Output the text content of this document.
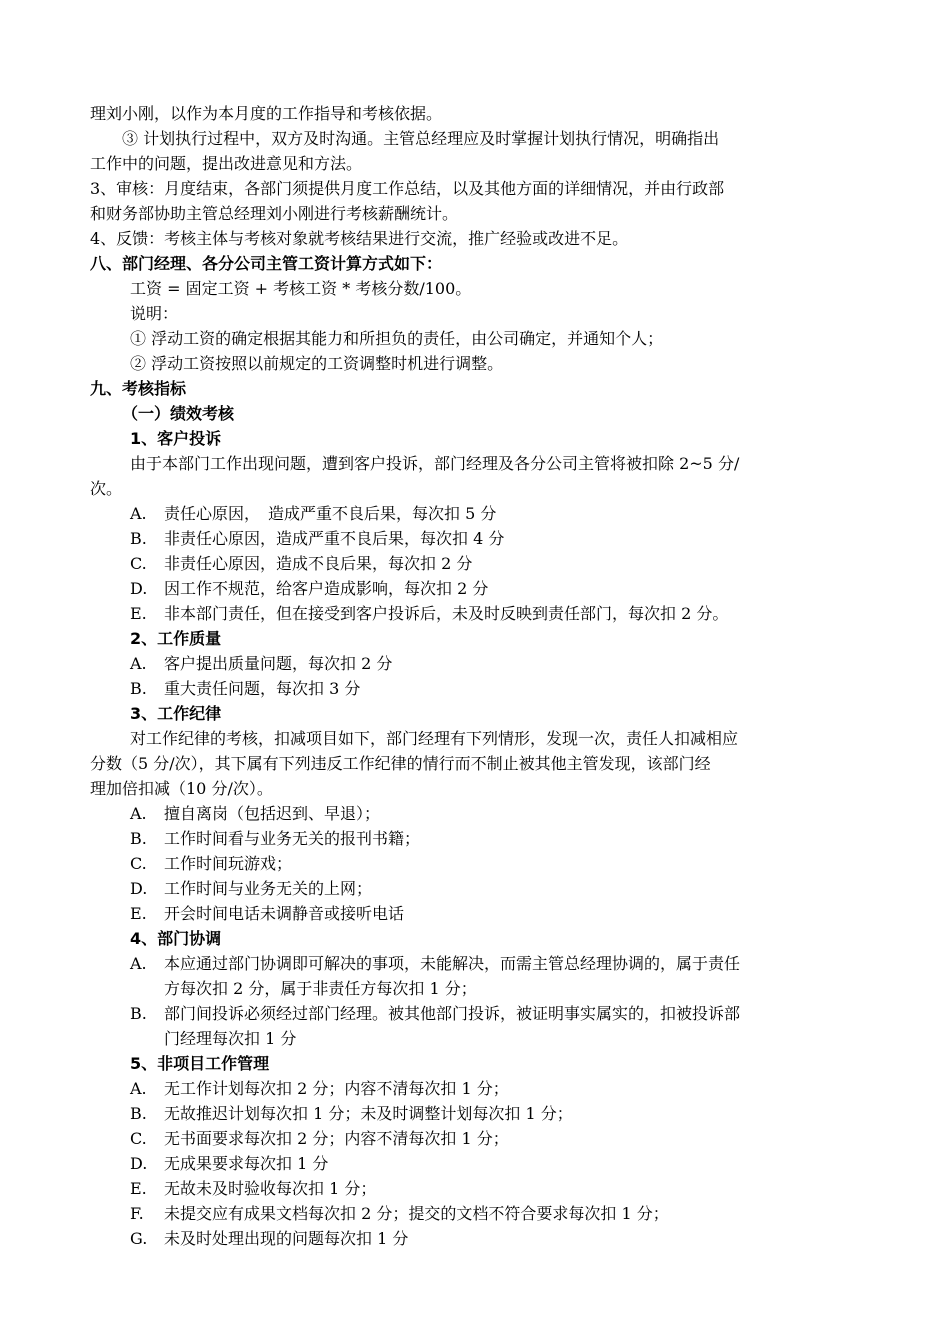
理刘小刚，以作为本月度的工作指导和考核依据。
③ 计划执行过程中，双方及时沟通。主管总经理应及时掌握计划执行情况，明确指出
工作中的问题，提出改进意见和方法。
3、审核：月度结束，各部门须提供月度工作总结，以及其他方面的详细情况，并由行政部
和财务部协助主管总经理刘小刚进行考核薪酬统计。
4、反馈：考核主体与考核对象就考核结果进行交流，推广经验或改进不足。
八、部门经理、各分公司主管工资计算方式如下：
工资 = 固定工资 + 考核工资 * 考核分数/100。
说明：
① 浮动工资的确定根据其能力和所担负的责任，由公司确定，并通知个人；
② 浮动工资按照以前规定的工资调整时机进行调整。
九、考核指标
（一）绩效考核
1、客户投诉
由于本部门工作出现问题，遭到客户投诉，部门经理及各分公司主管将被扣除 2~5 分/
次。
A. 责任心原因，　造成严重不良后果，每次扣 5 分
B. 非责任心原因，造成严重不良后果，每次扣 4 分
C. 非责任心原因，造成不良后果，每次扣 2 分
D. 因工作不规范，给客户造成影响，每次扣 2 分
E. 非本部门责任，但在接受到客户投诉后，未及时反映到责任部门，每次扣 2 分。
2、工作质量
A. 客户提出质量问题，每次扣 2 分
B. 重大责任问题，每次扣 3 分
3、工作纪律
对工作纪律的考核，扣减项目如下，部门经理有下列情形，发现一次，责任人扣减相应
分数（5 分/次），其下属有下列违反工作纪律的情行而不制止被其他主管发现，该部门经
理加倍扣减（10 分/次）。
A. 擅自离岗（包括迟到、早退）；
B. 工作时间看与业务无关的报刊书籍；
C. 工作时间玩游戏；
D. 工作时间与业务无关的上网；
E. 开会时间电话未调静音或接听电话
4、部门协调
A. 本应通过部门协调即可解决的事项，未能解决，而需主管总经理协调的，属于责任
方每次扣 2 分，属于非责任方每次扣 1 分；
B. 部门间投诉必须经过部门经理。被其他部门投诉，被证明事实属实的，扣被投诉部
门经理每次扣 1 分
5、非项目工作管理
A. 无工作计划每次扣 2 分；内容不清每次扣 1 分；
B. 无故推迟计划每次扣 1 分；未及时调整计划每次扣 1 分；
C. 无书面要求每次扣 2 分；内容不清每次扣 1 分；
D. 无成果要求每次扣 1 分
E. 无故未及时验收每次扣 1 分；
F. 未提交应有成果文档每次扣 2 分；提交的文档不符合要求每次扣 1 分；
G. 未及时处理出现的问题每次扣 1 分
